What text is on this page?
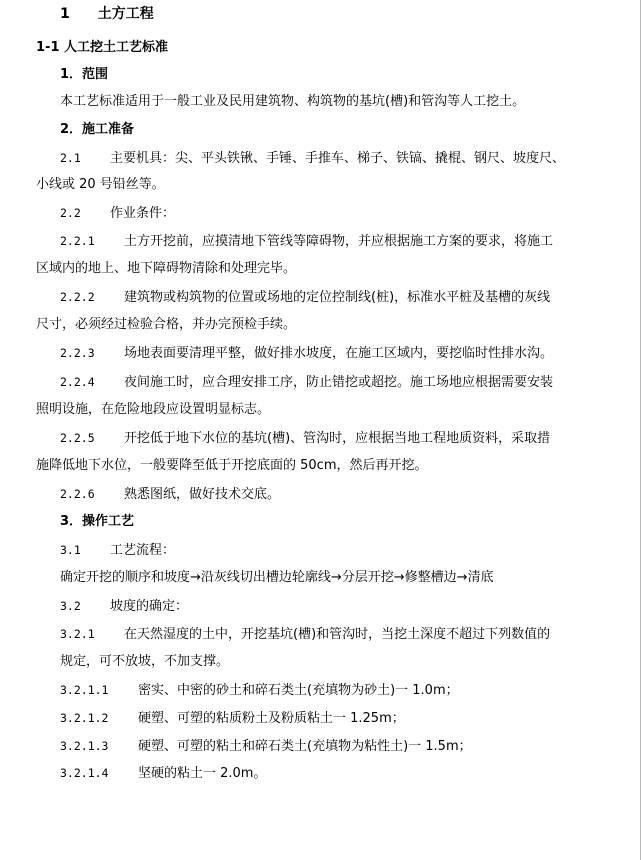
1 土方工程
1-1 人工挖土工艺标准
1．范围
本工艺标准适用于一般工业及民用建筑物、构筑物的基坑(槽)和管沟等人工挖土。
2．施工准备
2.1 主要机具：尖、平头铁锹、手锤、手推车、梯子、铁镐、撬棍、钢尺、坡度尺、
小线或 20 号铅丝等。
2.2 作业条件：
2.2.1 土方开挖前，应摸清地下管线等障碍物，并应根据施工方案的要求，将施工
区域内的地上、地下障碍物清除和处理完毕。
2.2.2 建筑物或构筑物的位置或场地的定位控制线(桩)，标准水平桩及基槽的灰线
尺寸，必须经过检验合格，并办完预检手续。
2.2.3 场地表面要清理平整，做好排水坡度，在施工区域内，要挖临时性排水沟。
2.2.4 夜间施工时，应合理安排工序，防止错挖或超挖。施工场地应根据需要安装
照明设施，在危险地段应设置明显标志。
2.2.5 开挖低于地下水位的基坑(槽)、管沟时，应根据当地工程地质资料，采取措
施降低地下水位，一般要降至低于开挖底面的 50cm，然后再开挖。
2.2.6 熟悉图纸，做好技术交底。
3．操作工艺
3.1 工艺流程：
确定开挖的顺序和坡度→沿灰线切出槽边轮廓线→分层开挖→修整槽边→清底
3.2 坡度的确定：
3.2.1 在天然湿度的土中，开挖基坑(槽)和管沟时，当挖土深度不超过下列数值的
规定，可不放坡，不加支撑。
3.2.1.1 密实、中密的砂土和碎石类土(充填物为砂土)一 1.0m；
3.2.1.2 硬塑、可塑的粘质粉土及粉质粘土一 1.25m；
3.2.1.3 硬塑、可塑的粘土和碎石类土(充填物为粘性土)一 1.5m；
3.2.1.4 坚硬的粘土一 2.0m。
